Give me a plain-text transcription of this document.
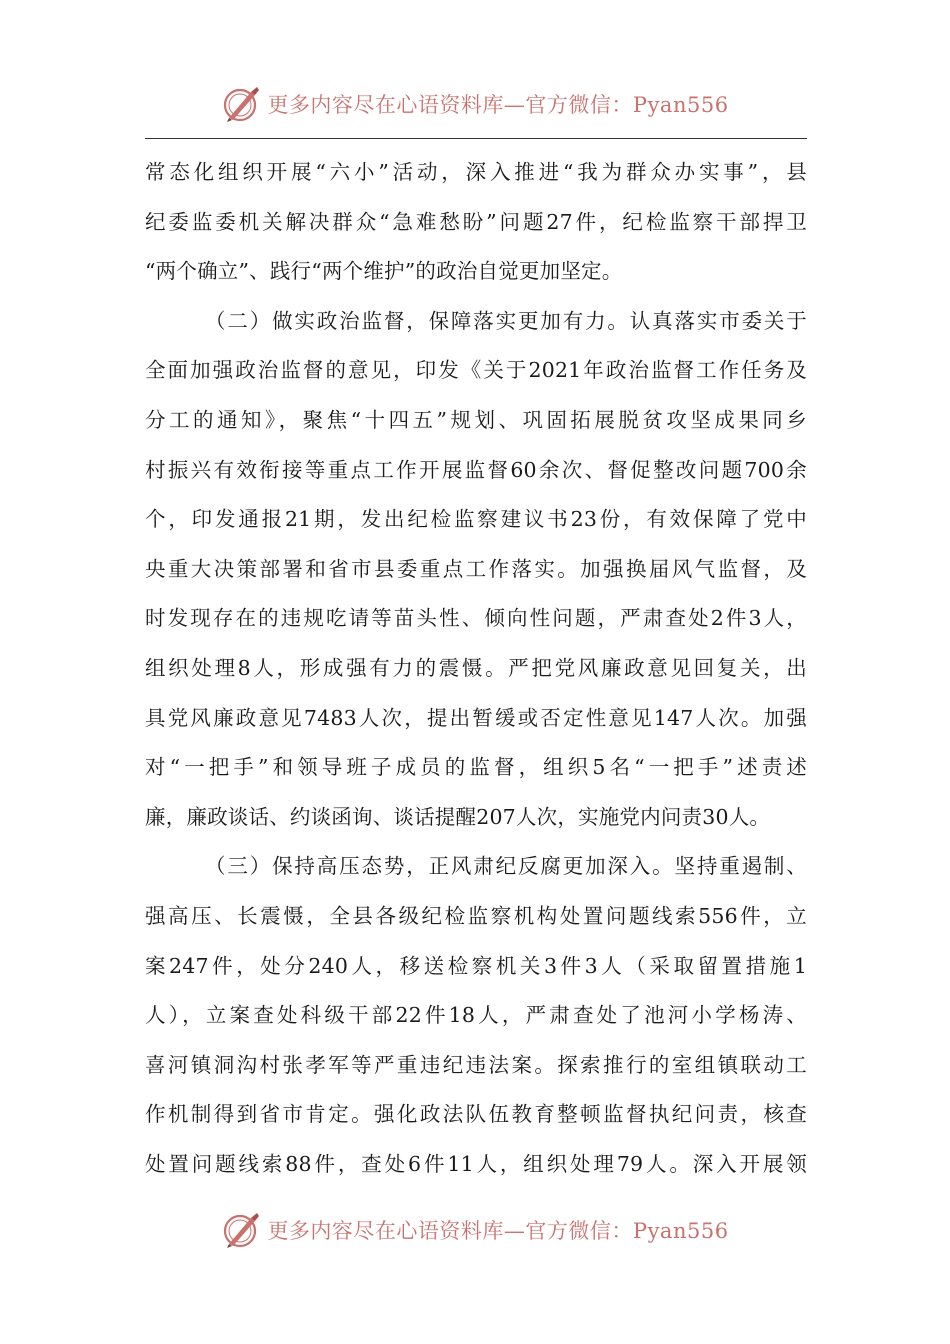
更多内容尽在心语资料库—官方微信：Pyan556
常态化组织开展“六小”活动，深入推进“我为群众办实事”，县
纪委监委机关解决群众“急难愁盼”问题27件，纪检监察干部捍卫
“两个确立”、践行“两个维护”的政治自觉更加坚定。
（二）做实政治监督，保障落实更加有力。认真落实市委关于
全面加强政治监督的意见，印发《关于2021年政治监督工作任务及
分工的通知》，聚焦“十四五”规划、巩固拓展脱贫攻坚成果同乡
村振兴有效衔接等重点工作开展监督60余次、督促整改问题700余
个，印发通报21期，发出纪检监察建议书23份，有效保障了党中
央重大决策部署和省市县委重点工作落实。加强换届风气监督，及
时发现存在的违规吃请等苗头性、倾向性问题，严肃查处2件3人，
组织处理8人，形成强有力的震慑。严把党风廉政意见回复关，出
具党风廉政意见7483人次，提出暂缓或否定性意见147人次。加强
对“一把手”和领导班子成员的监督，组织5名“一把手”述责述
廉，廉政谈话、约谈函询、谈话提醒207人次，实施党内问责30人。
（三）保持高压态势，正风肃纪反腐更加深入。坚持重遏制、
强高压、长震慑，全县各级纪检监察机构处置问题线索556件，立
案247件，处分240人，移送检察机关3件3人（采取留置措施1
人），立案查处科级干部22件18人，严肃查处了池河小学杨涛、
喜河镇洞沟村张孝军等严重违纪违法案。探索推行的室组镇联动工
作机制得到省市肯定。强化政法队伍教育整顿监督执纪问责，核查
处置问题线索88件，查处6件11人，组织处理79人。深入开展领
更多内容尽在心语资料库—官方微信：Pyan556
